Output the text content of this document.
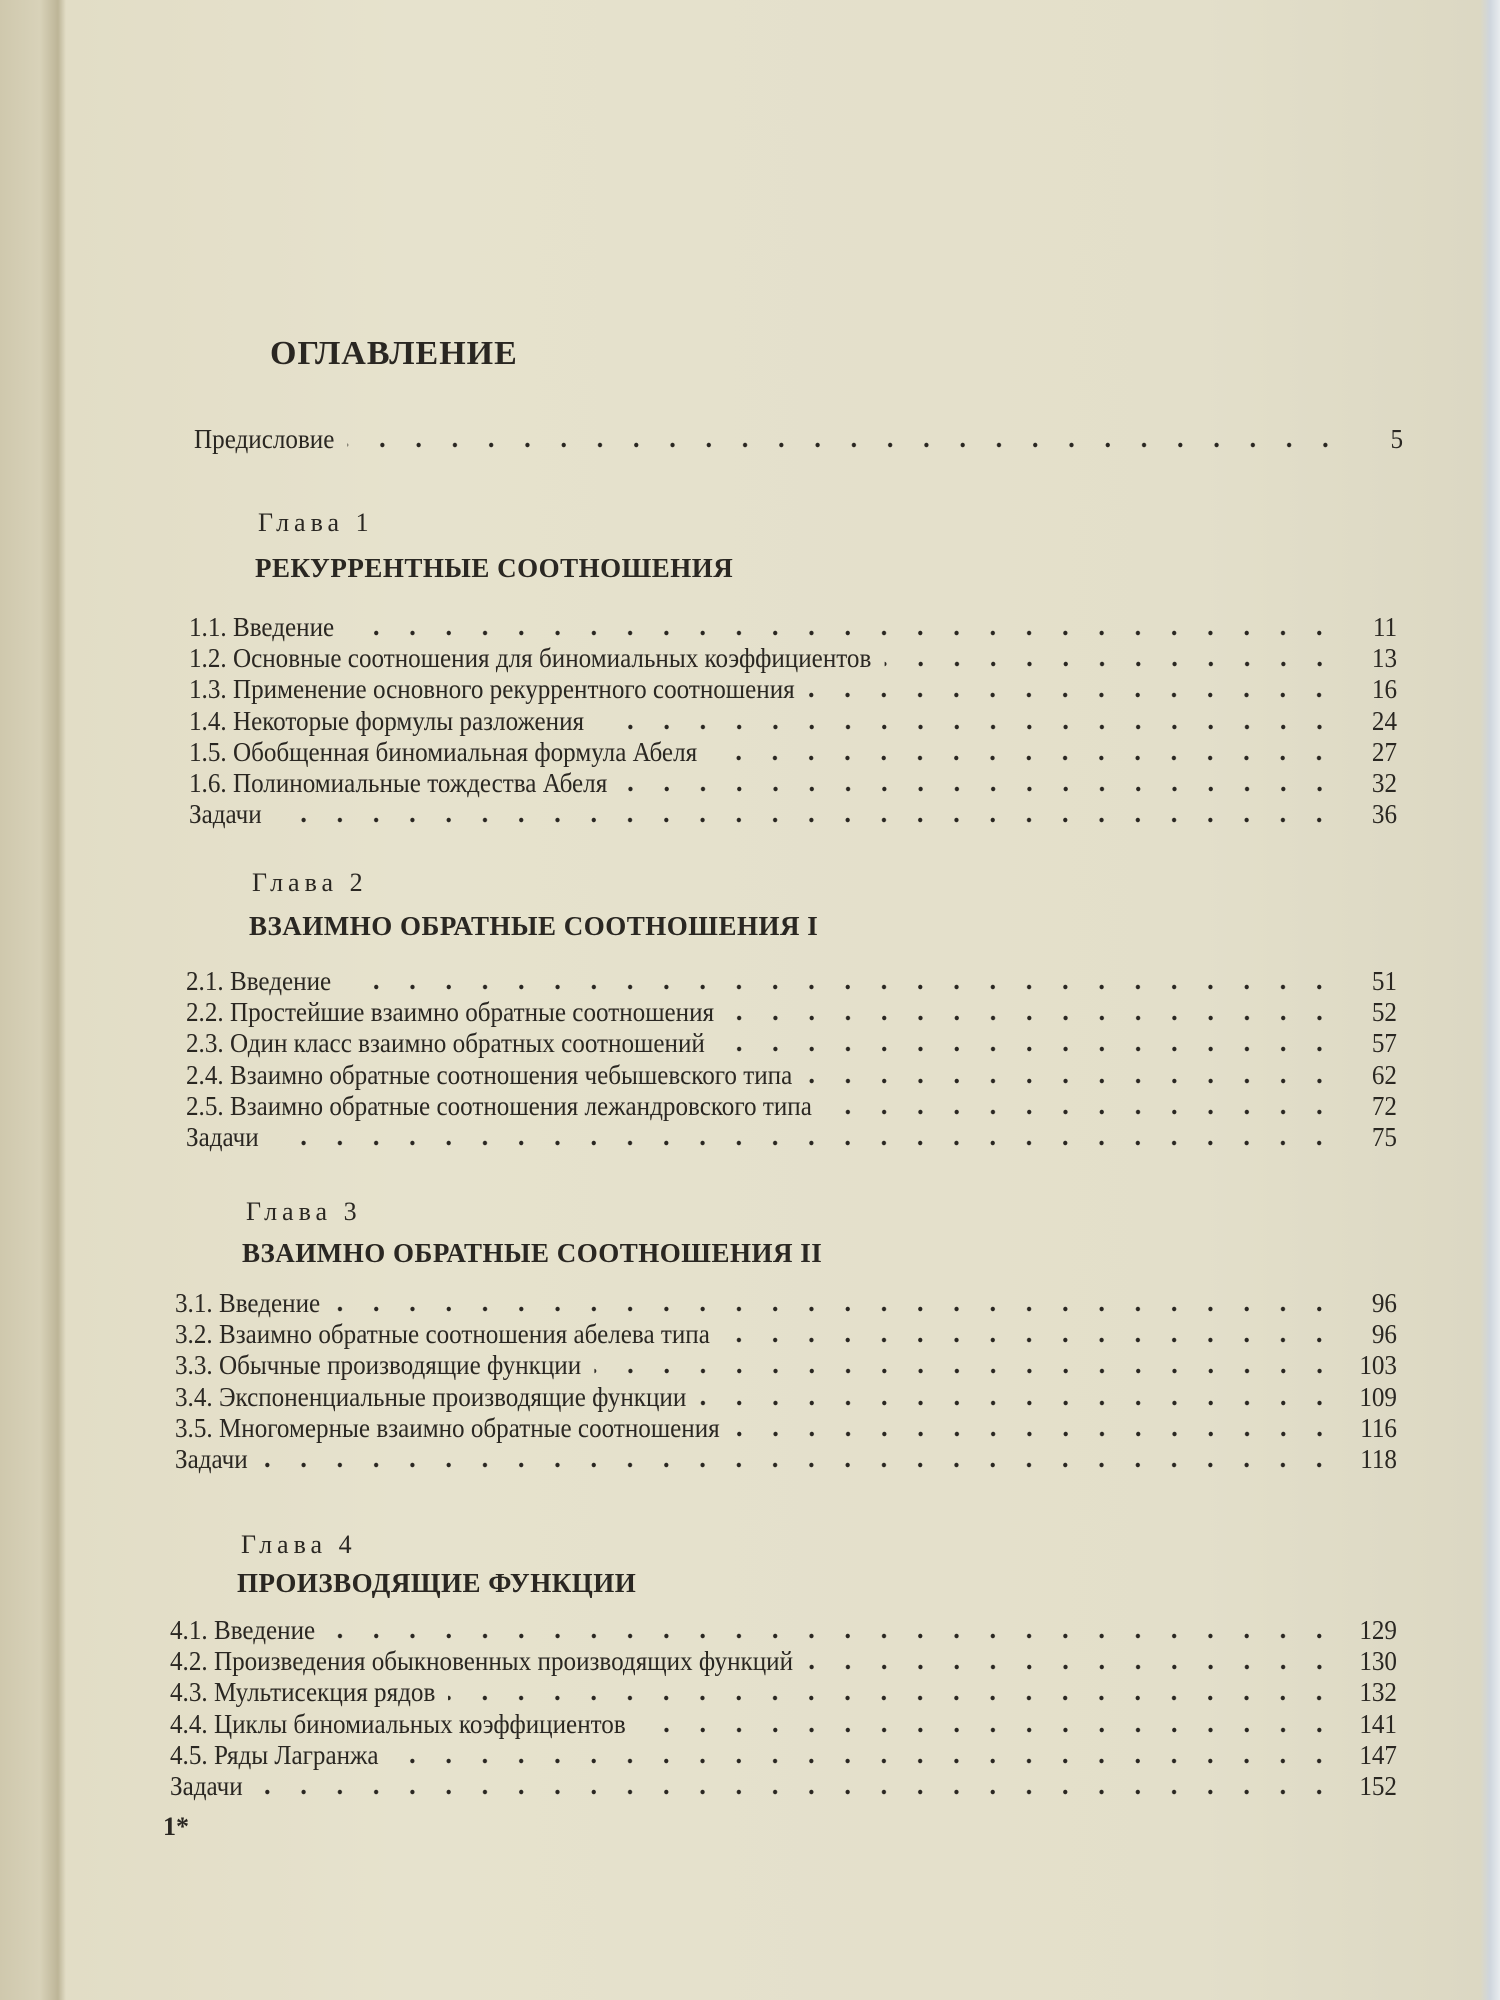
ОГЛАВЛЕНИЕ
Предисловие	5
Глава 1
РЕКУРРЕНТНЫЕ СООТНОШЕНИЯ
1.1. Введение	11
1.2. Основные соотношения для биномиальных коэффициентов	13
1.3. Применение основного рекуррентного соотношения	16
1.4. Некоторые формулы разложения	24
1.5. Обобщенная биномиальная формула Абеля	27
1.6. Полиномиальные тождества Абеля	32
Задачи	36
Глава 2
ВЗАИМНО ОБРАТНЫЕ СООТНОШЕНИЯ I
2.1. Введение	51
2.2. Простейшие взаимно обратные соотношения	52
2.3. Один класс взаимно обратных соотношений	57
2.4. Взаимно обратные соотношения чебышевского типа	62
2.5. Взаимно обратные соотношения лежандровского типа	72
Задачи	75
Глава 3
ВЗАИМНО ОБРАТНЫЕ СООТНОШЕНИЯ II
3.1. Введение	96
3.2. Взаимно обратные соотношения абелева типа	96
3.3. Обычные производящие функции	103
3.4. Экспоненциальные производящие функции	109
3.5. Многомерные взаимно обратные соотношения	116
Задачи	118
Глава 4
ПРОИЗВОДЯЩИЕ ФУНКЦИИ
4.1. Введение	129
4.2. Произведения обыкновенных производящих функций	130
4.3. Мультисекция рядов	132
4.4. Циклы биномиальных коэффициентов	141
4.5. Ряды Лагранжа	147
Задачи	152
1*
